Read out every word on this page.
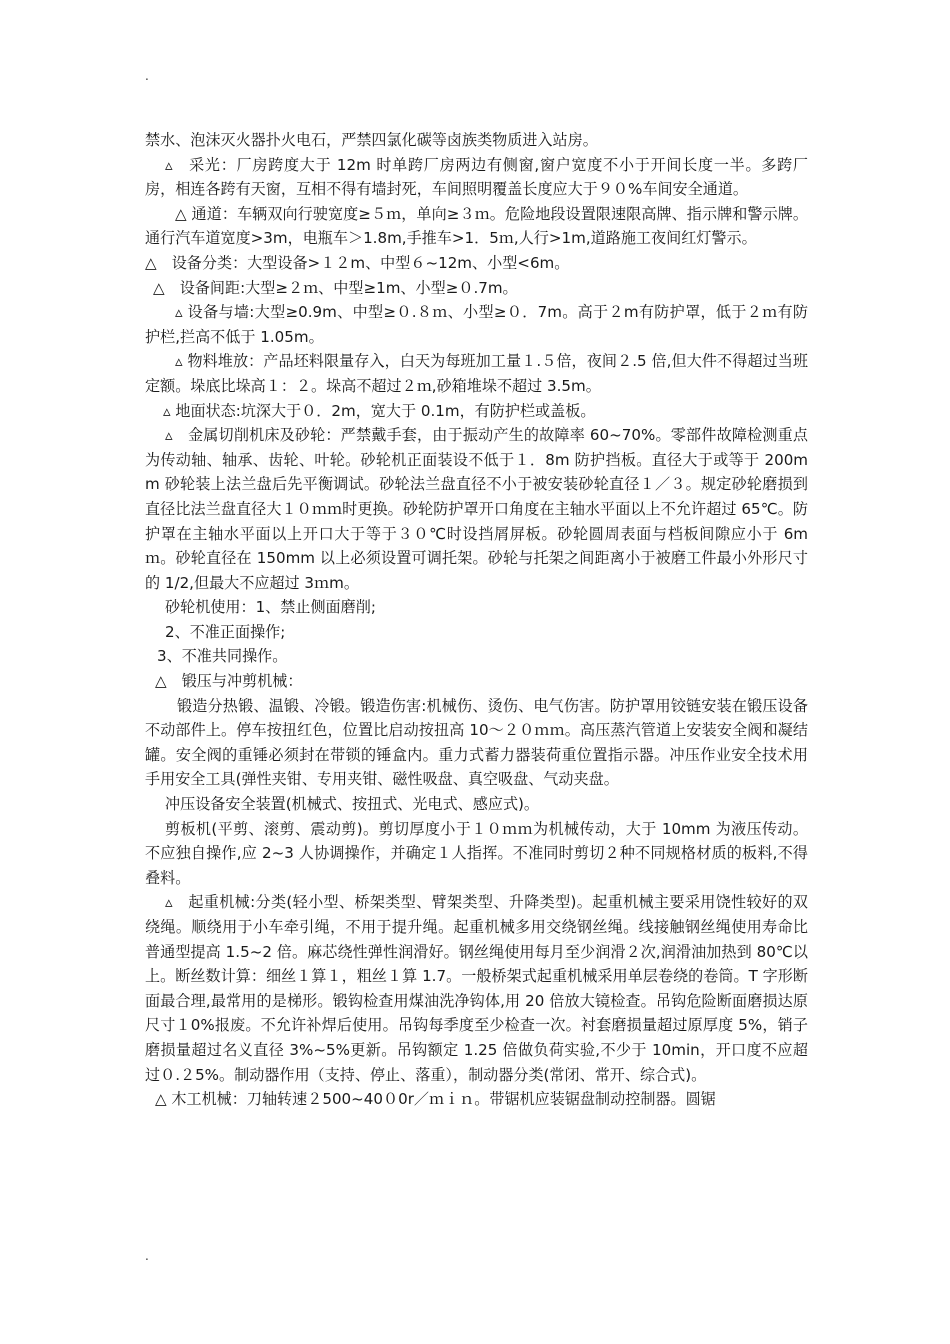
.

禁水、泡沫灭火器扑火电石，严禁四氯化碳等卤族类物质进入站房。

▵　采光：厂房跨度大于 12m 时单跨厂房两边有侧窗,窗户宽度不小于开间长度一半。多跨厂房，相连各跨有天窗，互相不得有墙封死，车间照明覆盖长度应大于９０%车间安全通道。

△ 通道：车辆双向行驶宽度≥５ｍ，单向≥３ｍ。危险地段设置限速限高牌、指示牌和警示牌。通行汽车道宽度>3m，电瓶车＞1.8m,手推车>1．5ｍ,人行>1m,道路施工夜间红灯警示。

△　设备分类：大型设备>１２m、中型６~12m、小型<6m。

△　设备间距:大型≥２ｍ、中型≥1m、小型≥０.7m。

▵ 设备与墙:大型≥0.9m、中型≥０.８ｍ、小型≥０．7m。高于２m有防护罩，低于２ｍ有防护栏,拦高不低于 1.05m。

▵ 物料堆放：产品坯料限量存入，白天为每班加工量１.５倍，夜间２.5 倍,但大件不得超过当班定额。垛底比垛高１：２。垛高不超过２ｍ,砂箱堆垛不超过 3.5m。

▵ 地面状态:坑深大于０．2m，宽大于 0.1m，有防护栏或盖板。

▵　金属切削机床及砂轮：严禁戴手套，由于振动产生的故障率 60~70%。零部件故障检测重点为传动轴、轴承、齿轮、叶轮。砂轮机正面装设不低于１．8m 防护挡板。直径大于或等于 200mm 砂轮装上法兰盘后先平衡调试。砂轮法兰盘直径不小于被安装砂轮直径１／３。规定砂轮磨损到直径比法兰盘直径大１０ｍｍ时更换。砂轮防护罩开口角度在主轴水平面以上不允许超过 65℃。防护罩在主轴水平面以上开口大于等于３０℃时设挡屑屏板。砂轮圆周表面与档板间隙应小于 6mｍ。砂轮直径在 150mm 以上必须设置可调托架。砂轮与托架之间距离小于被磨工件最小外形尺寸的 1/2,但最大不应超过 3ｍm。

砂轮机使用：1、禁止侧面磨削;

2、不准正面操作;

3、不准共同操作。

△　锻压与冲剪机械：

锻造分热锻、温锻、冷锻。锻造伤害:机械伤、烫伤、电气伤害。防护罩用铰链安装在锻压设备不动部件上。停车按扭红色，位置比启动按扭高 10～２０ｍｍ。高压蒸汽管道上安装安全阀和凝结罐。安全阀的重锤必须封在带锁的锤盒内。重力式蓄力器装荷重位置指示器。冲压作业安全技术用手用安全工具(弹性夹钳、专用夹钳、磁性吸盘、真空吸盘、气动夹盘。

冲压设备安全装置(机械式、按扭式、光电式、感应式)。

剪板机(平剪、滚剪、震动剪)。剪切厚度小于１０ｍｍ为机械传动，大于 10mm 为液压传动。不应独自操作,应 2~3 人协调操作，并确定１人指挥。不准同时剪切２种不同规格材质的板料,不得叠料。

▵　起重机械:分类(轻小型、桥架类型、臂架类型、升降类型)。起重机械主要采用饶性较好的双绕绳。顺绕用于小车牵引绳，不用于提升绳。起重机械多用交绕钢丝绳。线接触钢丝绳使用寿命比普通型提高 1.5~2 倍。麻芯绕性弹性润滑好。钢丝绳使用每月至少润滑２次,润滑油加热到 80℃以上。断丝数计算：细丝１算１，粗丝１算 1.7。一般桥架式起重机械采用单层卷绕的卷筒。T 字形断面最合理,最常用的是梯形。锻钩检查用煤油洗净钩体,用 20 倍放大镜检查。吊钩危险断面磨损达原尺寸１0%报废。不允许补焊后使用。吊钩每季度至少检查一次。衬套磨损量超过原厚度 5%，销子磨损量超过名义直径 3%~5%更新。吊钩额定 1.25 倍做负荷实验,不少于 10min，开口度不应超过０.２5%。制动器作用（支持、停止、落重），制动器分类(常闭、常开、综合式)。

△ 木工机械：刀轴转速２500~40０0r／ｍｉｎ。带锯机应装锯盘制动控制器。圆锯

.
